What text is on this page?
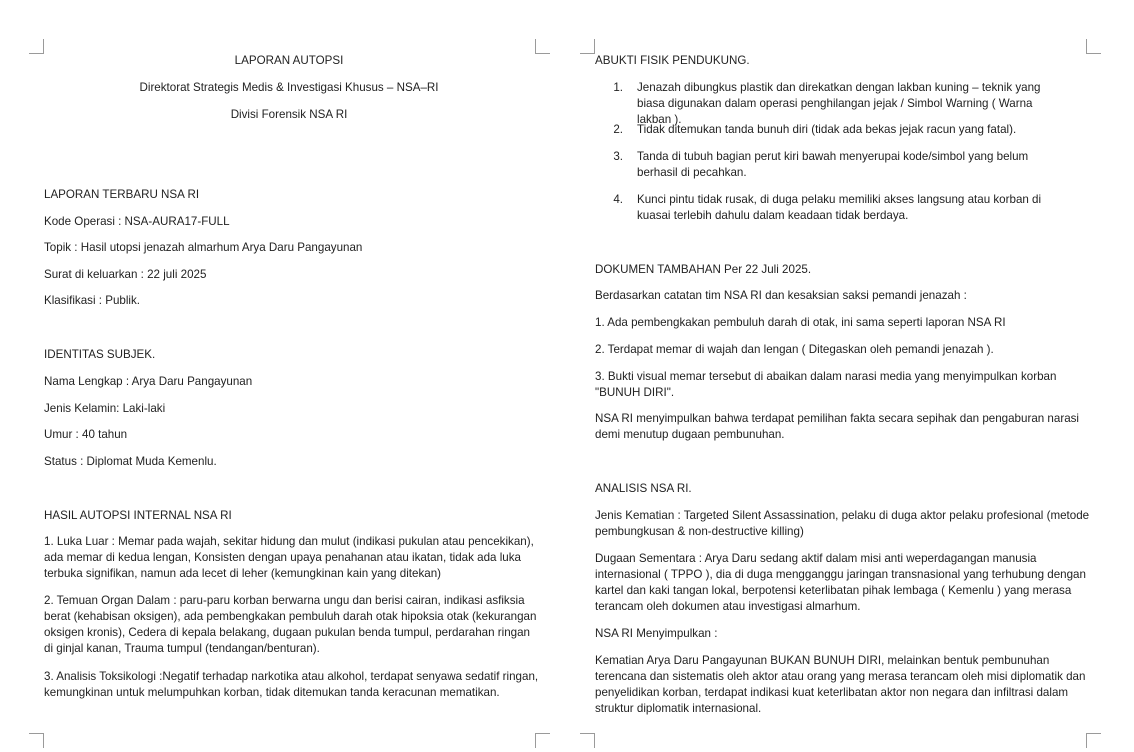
LAPORAN AUTOPSI

Direktorat Strategis Medis & Investigasi Khusus – NSA–RI

Divisi Forensik NSA RI

LAPORAN TERBARU NSA RI

Kode Operasi : NSA-AURA17-FULL

Topik : Hasil utopsi jenazah almarhum Arya Daru Pangayunan

Surat di keluarkan : 22 juli 2025

Klasifikasi : Publik.

IDENTITAS SUBJEK.

Nama Lengkap : Arya Daru Pangayunan

Jenis Kelamin: Laki-laki

Umur : 40 tahun

Status : Diplomat Muda Kemenlu.

HASIL AUTOPSI INTERNAL NSA RI

1. Luka Luar : Memar pada wajah, sekitar hidung dan mulut (indikasi pukulan atau pencekikan), ada memar di kedua lengan, Konsisten dengan upaya penahanan atau ikatan, tidak ada luka terbuka signifikan, namun ada lecet di leher (kemungkinan kain yang ditekan)

2. Temuan Organ Dalam : paru-paru korban berwarna ungu dan berisi cairan, indikasi asfiksia berat (kehabisan oksigen), ada pembengkakan pembuluh darah otak hipoksia otak (kekurangan oksigen kronis), Cedera di kepala belakang, dugaan pukulan benda tumpul, perdarahan ringan di ginjal kanan, Trauma tumpul (tendangan/benturan).

3. Analisis Toksikologi :Negatif terhadap narkotika atau alkohol, terdapat senyawa sedatif ringan, kemungkinan untuk melumpuhkan korban, tidak ditemukan tanda keracunan mematikan.

ABUKTI FISIK PENDUKUNG.

1. Jenazah dibungkus plastik dan direkatkan dengan lakban kuning – teknik yang biasa digunakan dalam operasi penghilangan jejak / Simbol Warning ( Warna lakban ).
2. Tidak ditemukan tanda bunuh diri (tidak ada bekas jejak racun yang fatal).
3. Tanda di tubuh bagian perut kiri bawah menyerupai kode/simbol yang belum berhasil di pecahkan.
4. Kunci pintu tidak rusak, di duga pelaku memiliki akses langsung atau korban di kuasai terlebih dahulu dalam keadaan tidak berdaya.

DOKUMEN TAMBAHAN Per 22 Juli 2025.

Berdasarkan catatan tim NSA RI dan kesaksian saksi pemandi jenazah :

1. Ada pembengkakan pembuluh darah di otak, ini sama seperti laporan NSA RI

2. Terdapat memar di wajah dan lengan ( Ditegaskan oleh pemandi jenazah ).

3. Bukti visual memar tersebut di abaikan dalam narasi media yang menyimpulkan korban "BUNUH DIRI".

NSA RI menyimpulkan bahwa terdapat pemilihan fakta secara sepihak dan pengaburan narasi demi menutup dugaan pembunuhan.

ANALISIS NSA RI.

Jenis Kematian : Targeted Silent Assassination, pelaku di duga aktor pelaku profesional (metode pembungkusan & non-destructive killing)

Dugaan Sementara : Arya Daru sedang aktif dalam misi anti weperdagangan manusia internasional ( TPPO ), dia di duga mengganggu jaringan transnasional yang terhubung dengan kartel dan kaki tangan lokal, berpotensi keterlibatan pihak lembaga ( Kemenlu ) yang merasa terancam oleh dokumen atau investigasi almarhum.

NSA RI Menyimpulkan :

Kematian Arya Daru Pangayunan BUKAN BUNUH DIRI, melainkan bentuk pembunuhan terencana dan sistematis oleh aktor atau orang yang merasa terancam oleh misi diplomatik dan penyelidikan korban, terdapat indikasi kuat keterlibatan aktor non negara dan infiltrasi dalam struktur diplomatik internasional.
